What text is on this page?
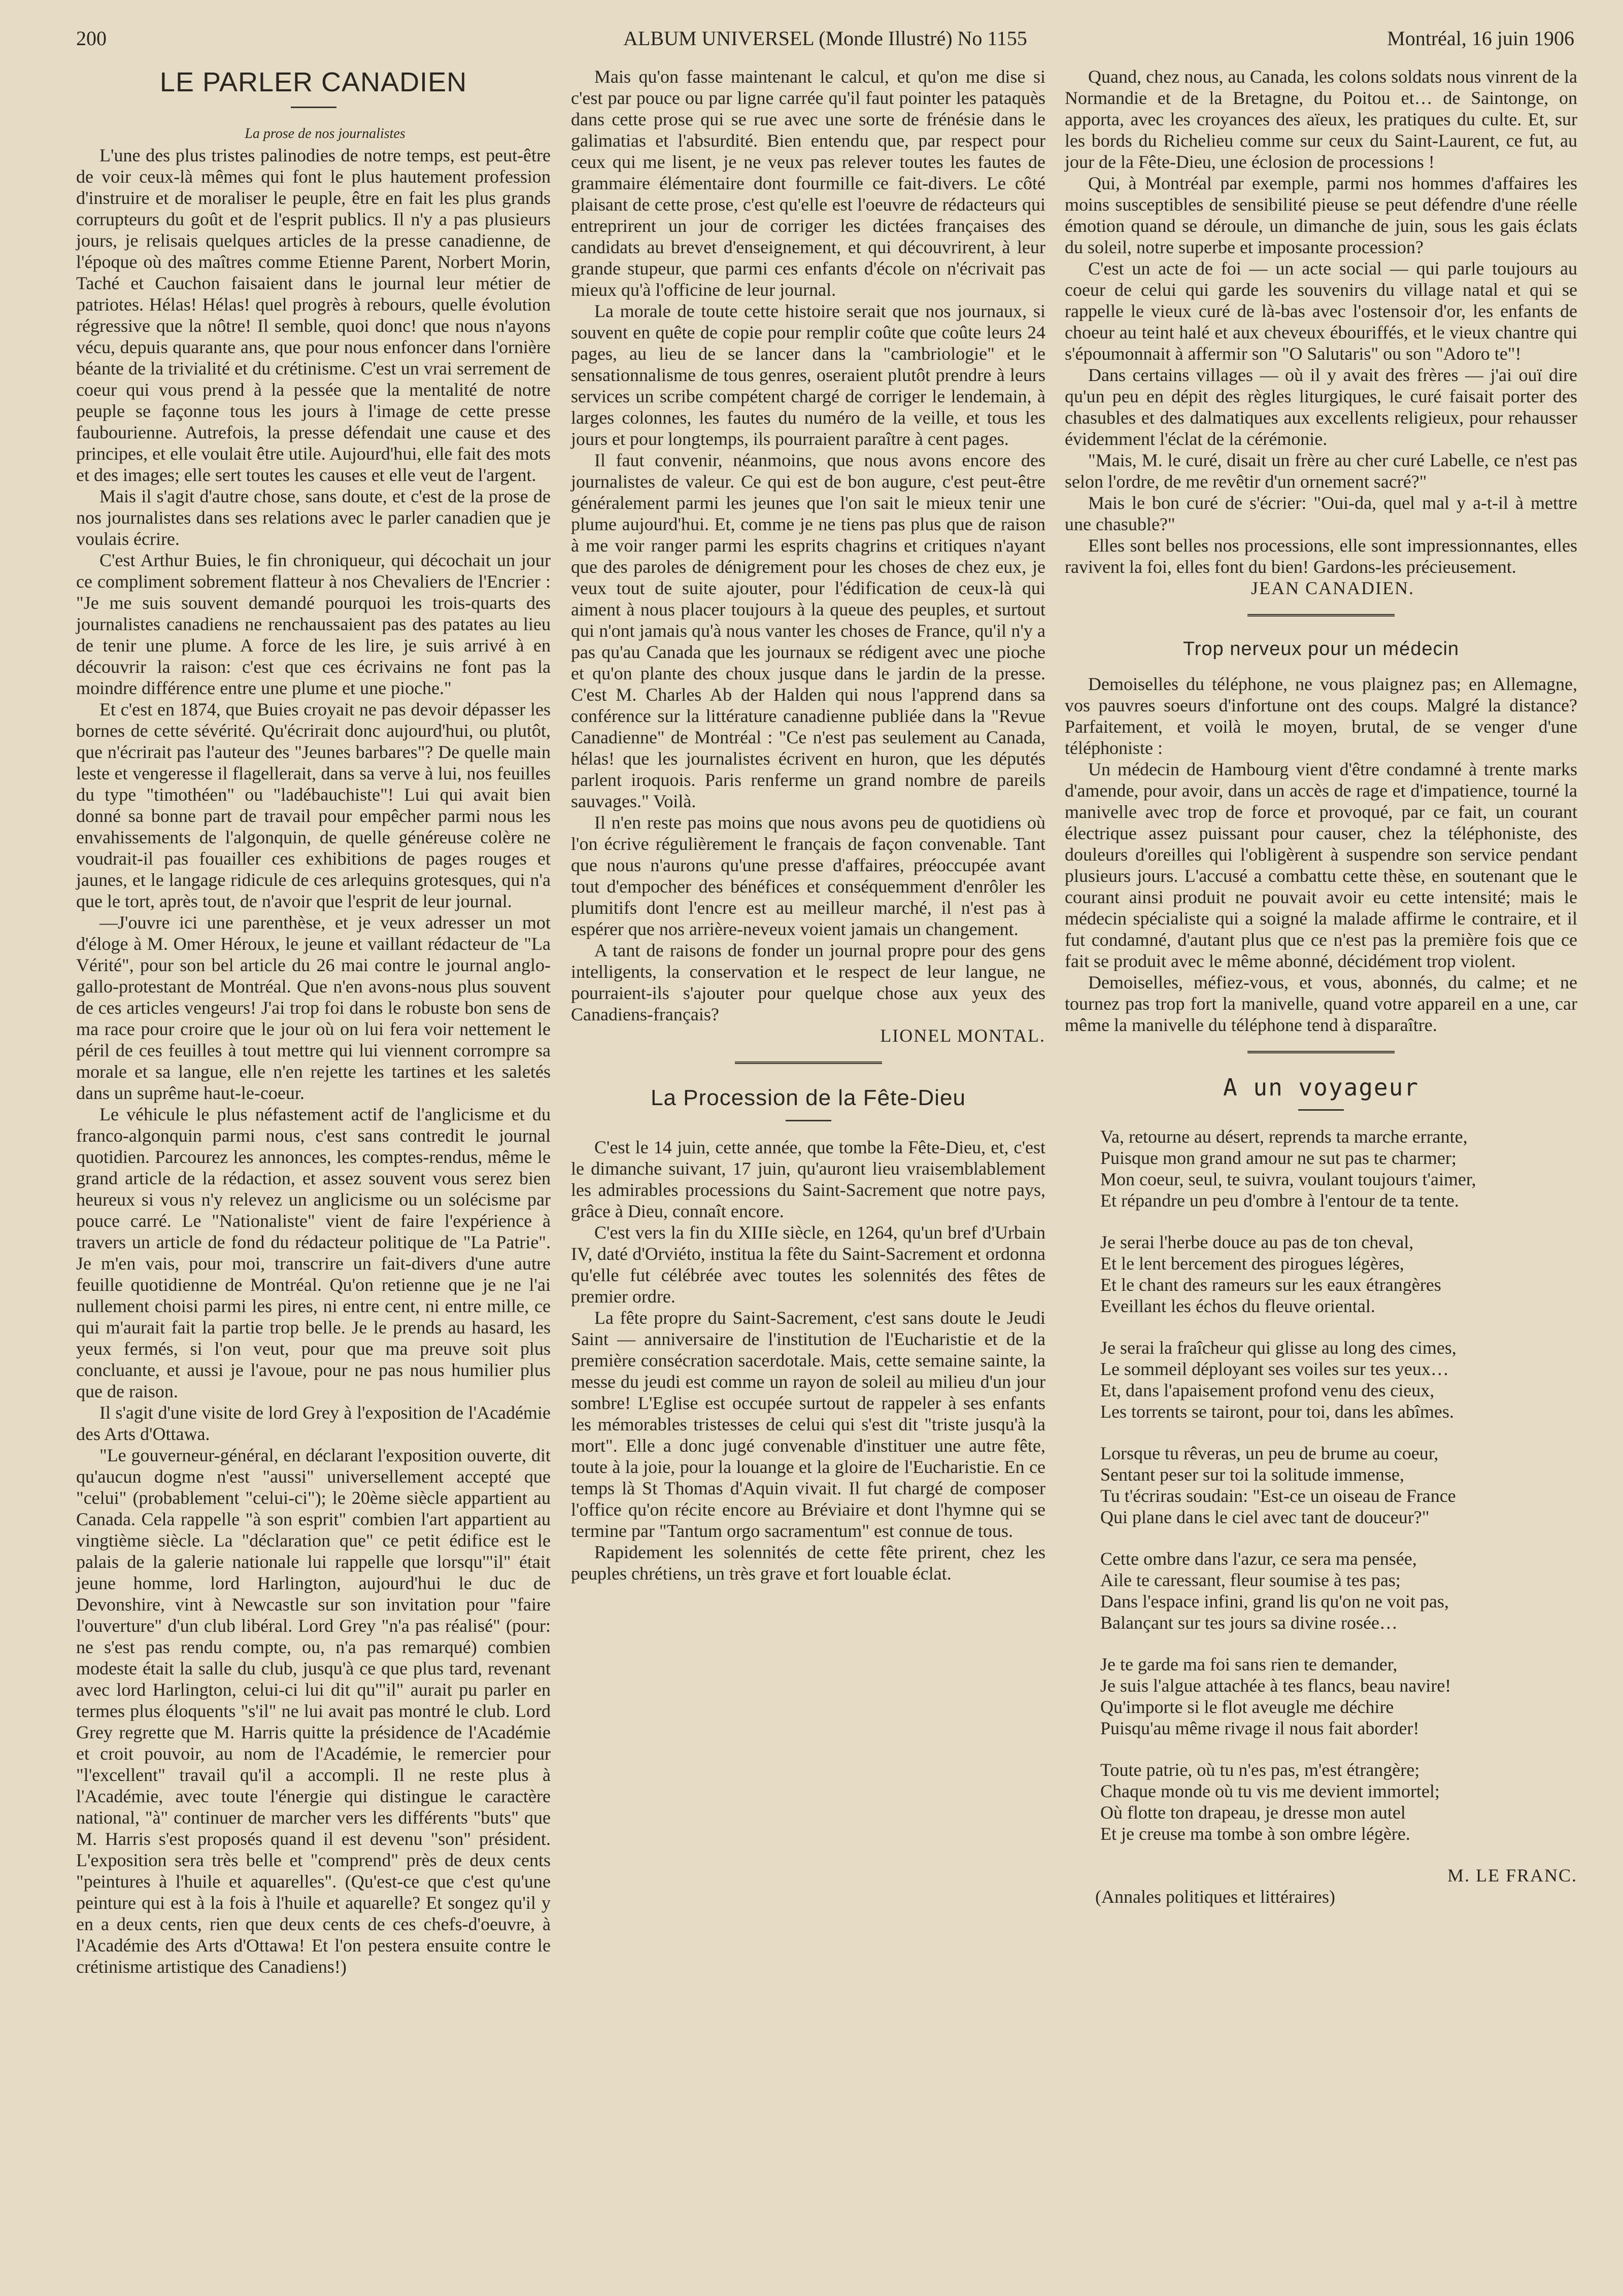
200	ALBUM UNIVERSEL (Monde Illustré) No 1155	Montréal, 16 juin 1906
LE PARLER CANADIEN

La prose de nos journalistes

L'une des plus tristes palinodies de notre temps, est peut-être de voir ceux-là mêmes qui font le plus hautement profession d'instruire et de moraliser le peuple, être en fait les plus grands corrupteurs du goût et de l'esprit publics. Il n'y a pas plusieurs jours, je relisais quelques articles de la presse canadienne, de l'époque où des maîtres comme Etienne Parent, Norbert Morin, Taché et Cauchon faisaient dans le journal leur métier de patriotes. Hélas! Hélas! quel progrès à rebours, quelle évolution régressive que la nôtre! Il semble, quoi donc! que nous n'ayons vécu, depuis quarante ans, que pour nous enfoncer dans l'ornière béante de la trivialité et du crétinisme. C'est un vrai serrement de coeur qui vous prend à la pessée que la mentalité de notre peuple se façonne tous les jours à l'image de cette presse faubourienne. Autrefois, la presse défendait une cause et des principes, et elle voulait être utile. Aujourd'hui, elle fait des mots et des images; elle sert toutes les causes et elle veut de l'argent.

Mais il s'agit d'autre chose, sans doute, et c'est de la prose de nos journalistes dans ses relations avec le parler canadien que je voulais écrire.

C'est Arthur Buies, le fin chroniqueur, qui décochait un jour ce compliment sobrement flatteur à nos Chevaliers de l'Encrier : "Je me suis souvent demandé pourquoi les trois-quarts des journalistes canadiens ne renchaussaient pas des patates au lieu de tenir une plume. A force de les lire, je suis arrivé à en découvrir la raison: c'est que ces écrivains ne font pas la moindre différence entre une plume et une pioche."

Et c'est en 1874, que Buies croyait ne pas devoir dépasser les bornes de cette sévérité. Qu'écrirait donc aujourd'hui, ou plutôt, que n'écrirait pas l'auteur des "Jeunes barbares"? De quelle main leste et vengeresse il flagellerait, dans sa verve à lui, nos feuilles du type "timothéen" ou "ladébauchiste"! Lui qui avait bien donné sa bonne part de travail pour empêcher parmi nous les envahissements de l'algonquin, de quelle généreuse colère ne voudrait-il pas fouailler ces exhibitions de pages rouges et jaunes, et le langage ridicule de ces arlequins grotesques, qui n'a que le tort, après tout, de n'avoir que l'esprit de leur journal.

—J'ouvre ici une parenthèse, et je veux adresser un mot d'éloge à M. Omer Héroux, le jeune et vaillant rédacteur de "La Vérité", pour son bel article du 26 mai contre le journal anglo-gallo-protestant de Montréal. Que n'en avons-nous plus souvent de ces articles vengeurs! J'ai trop foi dans le robuste bon sens de ma race pour croire que le jour où on lui fera voir nettement le péril de ces feuilles à tout mettre qui lui viennent corrompre sa morale et sa langue, elle n'en rejette les tartines et les saletés dans un suprême haut-le-coeur.

Le véhicule le plus néfastement actif de l'anglicisme et du franco-algonquin parmi nous, c'est sans contredit le journal quotidien. Parcourez les annonces, les comptes-rendus, même le grand article de la rédaction, et assez souvent vous serez bien heureux si vous n'y relevez un anglicisme ou un solécisme par pouce carré. Le "Nationaliste" vient de faire l'expérience à travers un article de fond du rédacteur politique de "La Patrie". Je m'en vais, pour moi, transcrire un fait-divers d'une autre feuille quotidienne de Montréal. Qu'on retienne que je ne l'ai nullement choisi parmi les pires, ni entre cent, ni entre mille, ce qui m'aurait fait la partie trop belle. Je le prends au hasard, les yeux fermés, si l'on veut, pour que ma preuve soit plus concluante, et aussi je l'avoue, pour ne pas nous humilier plus que de raison.

Il s'agit d'une visite de lord Grey à l'exposition de l'Académie des Arts d'Ottawa.

"Le gouverneur-général, en déclarant l'exposition ouverte, dit qu'aucun dogme n'est "aussi" universellement accepté que "celui" (probablement "celui-ci"); le 20ème siècle appartient au Canada. Cela rappelle "à son esprit" combien l'art appartient au vingtième siècle. La "déclaration que" ce petit édifice est le palais de la galerie nationale lui rappelle que lorsqu'"il" était jeune homme, lord Harlington, aujourd'hui le duc de Devonshire, vint à Newcastle sur son invitation pour "faire l'ouverture" d'un club libéral. Lord Grey "n'a pas réalisé" (pour: ne s'est pas rendu compte, ou, n'a pas remarqué) combien modeste était la salle du club, jusqu'à ce que plus tard, revenant avec lord Harlington, celui-ci lui dit qu'"il" aurait pu parler en termes plus éloquents "s'il" ne lui avait pas montré le club. Lord Grey regrette que M. Harris quitte la présidence de l'Académie et croit pouvoir, au nom de l'Académie, le remercier pour "l'excellent" travail qu'il a accompli. Il ne reste plus à l'Académie, avec toute l'énergie qui distingue le caractère national, "à" continuer de marcher vers les différents "buts" que M. Harris s'est proposés quand il est devenu "son" président. L'exposition sera très belle et "comprend" près de deux cents "peintures à l'huile et aquarelles". (Qu'est-ce que c'est qu'une peinture qui est à la fois à l'huile et aquarelle? Et songez qu'il y en a deux cents, rien que deux cents de ces chefs-d'oeuvre, à l'Académie des Arts d'Ottawa! Et l'on pestera ensuite contre le crétinisme artistique des Canadiens!)

Mais qu'on fasse maintenant le calcul, et qu'on me dise si c'est par pouce ou par ligne carrée qu'il faut pointer les pataquès dans cette prose qui se rue avec une sorte de frénésie dans le galimatias et l'absurdité. Bien entendu que, par respect pour ceux qui me lisent, je ne veux pas relever toutes les fautes de grammaire élémentaire dont fourmille ce fait-divers. Le côté plaisant de cette prose, c'est qu'elle est l'oeuvre de rédacteurs qui entreprirent un jour de corriger les dictées françaises des candidats au brevet d'enseignement, et qui découvrirent, à leur grande stupeur, que parmi ces enfants d'école on n'écrivait pas mieux qu'à l'officine de leur journal.

La morale de toute cette histoire serait que nos journaux, si souvent en quête de copie pour remplir coûte que coûte leurs 24 pages, au lieu de se lancer dans la "cambriologie" et le sensationnalisme de tous genres, oseraient plutôt prendre à leurs services un scribe compétent chargé de corriger le lendemain, à larges colonnes, les fautes du numéro de la veille, et tous les jours et pour longtemps, ils pourraient paraître à cent pages.

Il faut convenir, néanmoins, que nous avons encore des journalistes de valeur. Ce qui est de bon augure, c'est peut-être généralement parmi les jeunes que l'on sait le mieux tenir une plume aujourd'hui. Et, comme je ne tiens pas plus que de raison à me voir ranger parmi les esprits chagrins et critiques n'ayant que des paroles de dénigrement pour les choses de chez eux, je veux tout de suite ajouter, pour l'édification de ceux-là qui aiment à nous placer toujours à la queue des peuples, et surtout qui n'ont jamais qu'à nous vanter les choses de France, qu'il n'y a pas qu'au Canada que les journaux se rédigent avec une pioche et qu'on plante des choux jusque dans le jardin de la presse. C'est M. Charles Ab der Halden qui nous l'apprend dans sa conférence sur la littérature canadienne publiée dans la "Revue Canadienne" de Montréal : "Ce n'est pas seulement au Canada, hélas! que les journalistes écrivent en huron, que les députés parlent iroquois. Paris renferme un grand nombre de pareils sauvages." Voilà.

Il n'en reste pas moins que nous avons peu de quotidiens où l'on écrive régulièrement le français de façon convenable. Tant que nous n'aurons qu'une presse d'affaires, préoccupée avant tout d'empocher des bénéfices et conséquemment d'enrôler les plumitifs dont l'encre est au meilleur marché, il n'est pas à espérer que nos arrière-neveux voient jamais un changement.

A tant de raisons de fonder un journal propre pour des gens intelligents, la conservation et le respect de leur langue, ne pourraient-ils s'ajouter pour quelque chose aux yeux des Canadiens-français?

LIONEL MONTAL.

La Procession de la Fête-Dieu

C'est le 14 juin, cette année, que tombe la Fête-Dieu, et, c'est le dimanche suivant, 17 juin, qu'auront lieu vraisemblablement les admirables processions du Saint-Sacrement que notre pays, grâce à Dieu, connaît encore.

C'est vers la fin du XIIIe siècle, en 1264, qu'un bref d'Urbain IV, daté d'Orviéto, institua la fête du Saint-Sacrement et ordonna qu'elle fut célébrée avec toutes les solennités des fêtes de premier ordre.

La fête propre du Saint-Sacrement, c'est sans doute le Jeudi Saint — anniversaire de l'institution de l'Eucharistie et de la première consécration sacerdotale. Mais, cette semaine sainte, la messe du jeudi est comme un rayon de soleil au milieu d'un jour sombre! L'Eglise est occupée surtout de rappeler à ses enfants les mémorables tristesses de celui qui s'est dit "triste jusqu'à la mort". Elle a donc jugé convenable d'instituer une autre fête, toute à la joie, pour la louange et la gloire de l'Eucharistie. En ce temps là St Thomas d'Aquin vivait. Il fut chargé de composer l'office qu'on récite encore au Bréviaire et dont l'hymne qui se termine par "Tantum orgo sacramentum" est connue de tous.

Rapidement les solennités de cette fête prirent, chez les peuples chrétiens, un très grave et fort louable éclat.

Quand, chez nous, au Canada, les colons soldats nous vinrent de la Normandie et de la Bretagne, du Poitou et… de Saintonge, on apporta, avec les croyances des aïeux, les pratiques du culte. Et, sur les bords du Richelieu comme sur ceux du Saint-Laurent, ce fut, au jour de la Fête-Dieu, une éclosion de processions !

Qui, à Montréal par exemple, parmi nos hommes d'affaires les moins susceptibles de sensibilité pieuse se peut défendre d'une réelle émotion quand se déroule, un dimanche de juin, sous les gais éclats du soleil, notre superbe et imposante procession?

C'est un acte de foi — un acte social — qui parle toujours au coeur de celui qui garde les souvenirs du village natal et qui se rappelle le vieux curé de là-bas avec l'ostensoir d'or, les enfants de choeur au teint halé et aux cheveux ébouriffés, et le vieux chantre qui s'époumonnait à affermir son "O Salutaris" ou son "Adoro te"!

Dans certains villages — où il y avait des frères — j'ai ouï dire qu'un peu en dépit des règles liturgiques, le curé faisait porter des chasubles et des dalmatiques aux excellents religieux, pour rehausser évidemment l'éclat de la cérémonie.

"Mais, M. le curé, disait un frère au cher curé Labelle, ce n'est pas selon l'ordre, de me revêtir d'un ornement sacré?"

Mais le bon curé de s'écrier: "Oui-da, quel mal y a-t-il à mettre une chasuble?"

Elles sont belles nos processions, elle sont impressionnantes, elles ravivent la foi, elles font du bien! Gardons-les précieusement.

JEAN CANADIEN.

Trop nerveux pour un médecin

Demoiselles du téléphone, ne vous plaignez pas; en Allemagne, vos pauvres soeurs d'infortune ont des coups. Malgré la distance? Parfaitement, et voilà le moyen, brutal, de se venger d'une téléphoniste :

Un médecin de Hambourg vient d'être condamné à trente marks d'amende, pour avoir, dans un accès de rage et d'impatience, tourné la manivelle avec trop de force et provoqué, par ce fait, un courant électrique assez puissant pour causer, chez la téléphoniste, des douleurs d'oreilles qui l'obligèrent à suspendre son service pendant plusieurs jours. L'accusé a combattu cette thèse, en soutenant que le courant ainsi produit ne pouvait avoir eu cette intensité; mais le médecin spécialiste qui a soigné la malade affirme le contraire, et il fut condamné, d'autant plus que ce n'est pas la première fois que ce fait se produit avec le même abonné, décidément trop violent.

Demoiselles, méfiez-vous, et vous, abonnés, du calme; et ne tournez pas trop fort la manivelle, quand votre appareil en a une, car même la manivelle du téléphone tend à disparaître.

A un voyageur
Va, retourne au désert, reprends ta marche errante,
Puisque mon grand amour ne sut pas te charmer;
Mon coeur, seul, te suivra, voulant toujours t'aimer,
Et répandre un peu d'ombre à l'entour de ta tente.
Je serai l'herbe douce au pas de ton cheval,
Et le lent bercement des pirogues légères,
Et le chant des rameurs sur les eaux étrangères
Eveillant les échos du fleuve oriental.
Je serai la fraîcheur qui glisse au long des cimes,
Le sommeil déployant ses voiles sur tes yeux…
Et, dans l'apaisement profond venu des cieux,
Les torrents se tairont, pour toi, dans les abîmes.
Lorsque tu rêveras, un peu de brume au coeur,
Sentant peser sur toi la solitude immense,
Tu t'écriras soudain: "Est-ce un oiseau de France
Qui plane dans le ciel avec tant de douceur?"
Cette ombre dans l'azur, ce sera ma pensée,
Aile te caressant, fleur soumise à tes pas;
Dans l'espace infini, grand lis qu'on ne voit pas,
Balançant sur tes jours sa divine rosée…
Je te garde ma foi sans rien te demander,
Je suis l'algue attachée à tes flancs, beau navire!
Qu'importe si le flot aveugle me déchire
Puisqu'au même rivage il nous fait aborder!
Toute patrie, où tu n'es pas, m'est étrangère;
Chaque monde où tu vis me devient immortel;
Où flotte ton drapeau, je dresse mon autel
Et je creuse ma tombe à son ombre légère.

M. LE FRANC.

(Annales politiques et littéraires)
